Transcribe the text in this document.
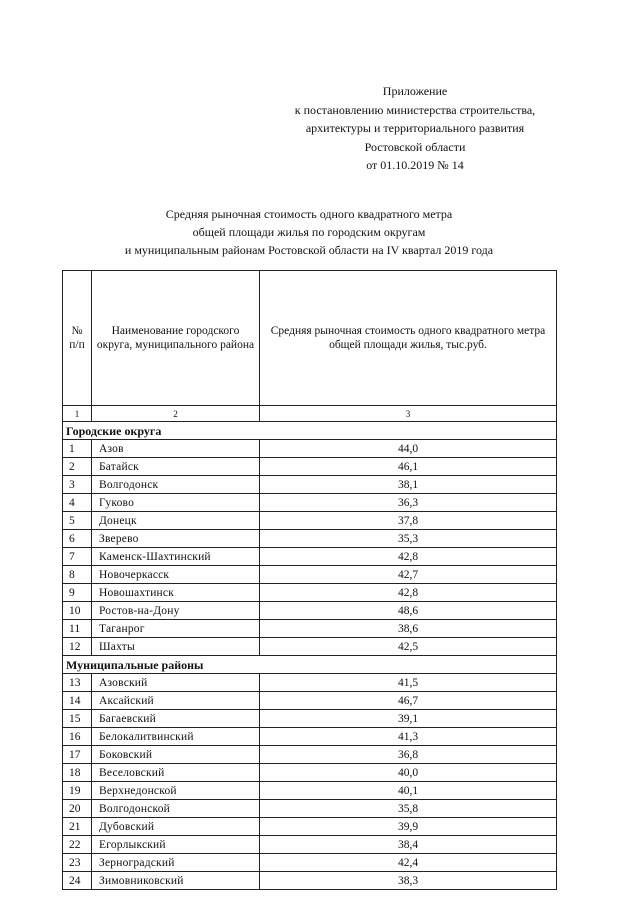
Приложение
к постановлению министерства строительства,
архитектуры и территориального развития
Ростовской области
от 01.10.2019 № 14
Средняя рыночная стоимость одного квадратного метра
общей площади жилья по городским округам
и муниципальным районам Ростовской области на IV квартал 2019 года
№ п/п	Наименование городского округа, муниципального района	Средняя рыночная стоимость одного квадратного метра общей площади жилья, тыс.руб.
1	2	3
Городские округа		
1	Азов	44,0
2	Батайск	46,1
3	Волгодонск	38,1
4	Гуково	36,3
5	Донецк	37,8
6	Зверево	35,3
7	Каменск-Шахтинский	42,8
8	Новочеркасск	42,7
9	Новошахтинск	42,8
10	Ростов-на-Дону	48,6
11	Таганрог	38,6
12	Шахты	42,5
Муниципальные районы		
13	Азовский	41,5
14	Аксайский	46,7
15	Багаевский	39,1
16	Белокалитвинский	41,3
17	Боковский	36,8
18	Веселовский	40,0
19	Верхнедонской	40,1
20	Волгодонской	35,8
21	Дубовский	39,9
22	Егорлыкский	38,4
23	Зерноградский	42,4
24	Зимовниковский	38,3
